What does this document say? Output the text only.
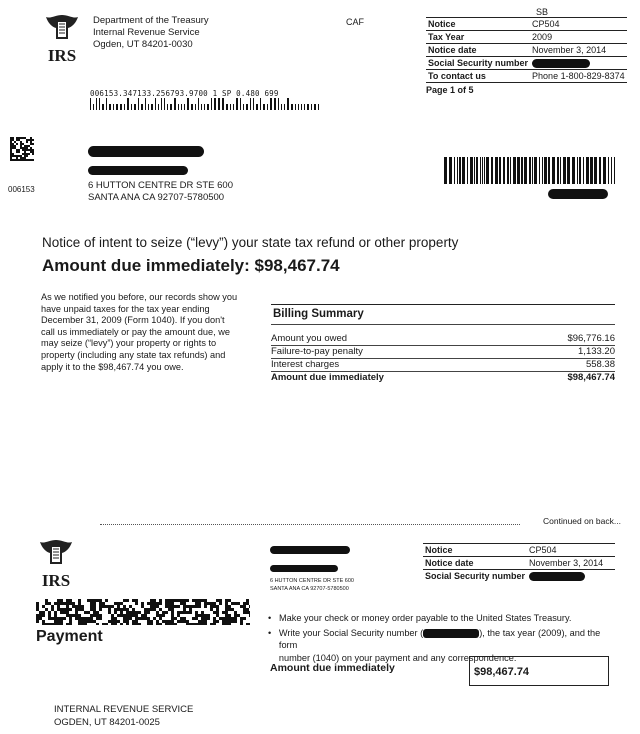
IRS
Department of the Treasury
Internal Revenue Service
Ogden, UT 84201-0030
CAF
SB
Notice	CP504
Tax Year	2009
Notice date	November 3, 2014
Social Security number	
To contact us	Phone 1-800-829-8374
Page 1 of 5
006153.347133.256793.9700 1 SP 0.480 699
006153	6 HUTTON CENTRE DR STE 600
SANTA ANA CA 92707-5780500
Notice of intent to seize (“levy”) your state tax refund or other property
Amount due immediately: $98,467.74
As we notified you before, our records show you
have unpaid taxes for the tax year ending
December 31, 2009 (Form 1040). If you don't
call us immediately or pay the amount due, we
may seize (“levy”) your property or rights to
property (including any state tax refunds) and
apply it to the $98,467.74 you owe.
Billing Summary
Amount you owed	$96,776.16
Failure-to-pay penalty	1,133.20
Interest charges	558.38
Amount due immediately	$98,467.74
Continued on back...
IRS	6 HUTTON CENTRE DR STE 600
SANTA ANA CA 92707-5780500
Notice	CP504
Notice date	November 3, 2014
Social Security number	
Payment
• Make your check or money order payable to the United States Treasury.
• Write your Social Security number (	), the tax year (2009), and the form
number (1040) on your payment and any correspondence.
Amount due immediately	$98,467.74
INTERNAL REVENUE SERVICE
OGDEN, UT 84201-0025
